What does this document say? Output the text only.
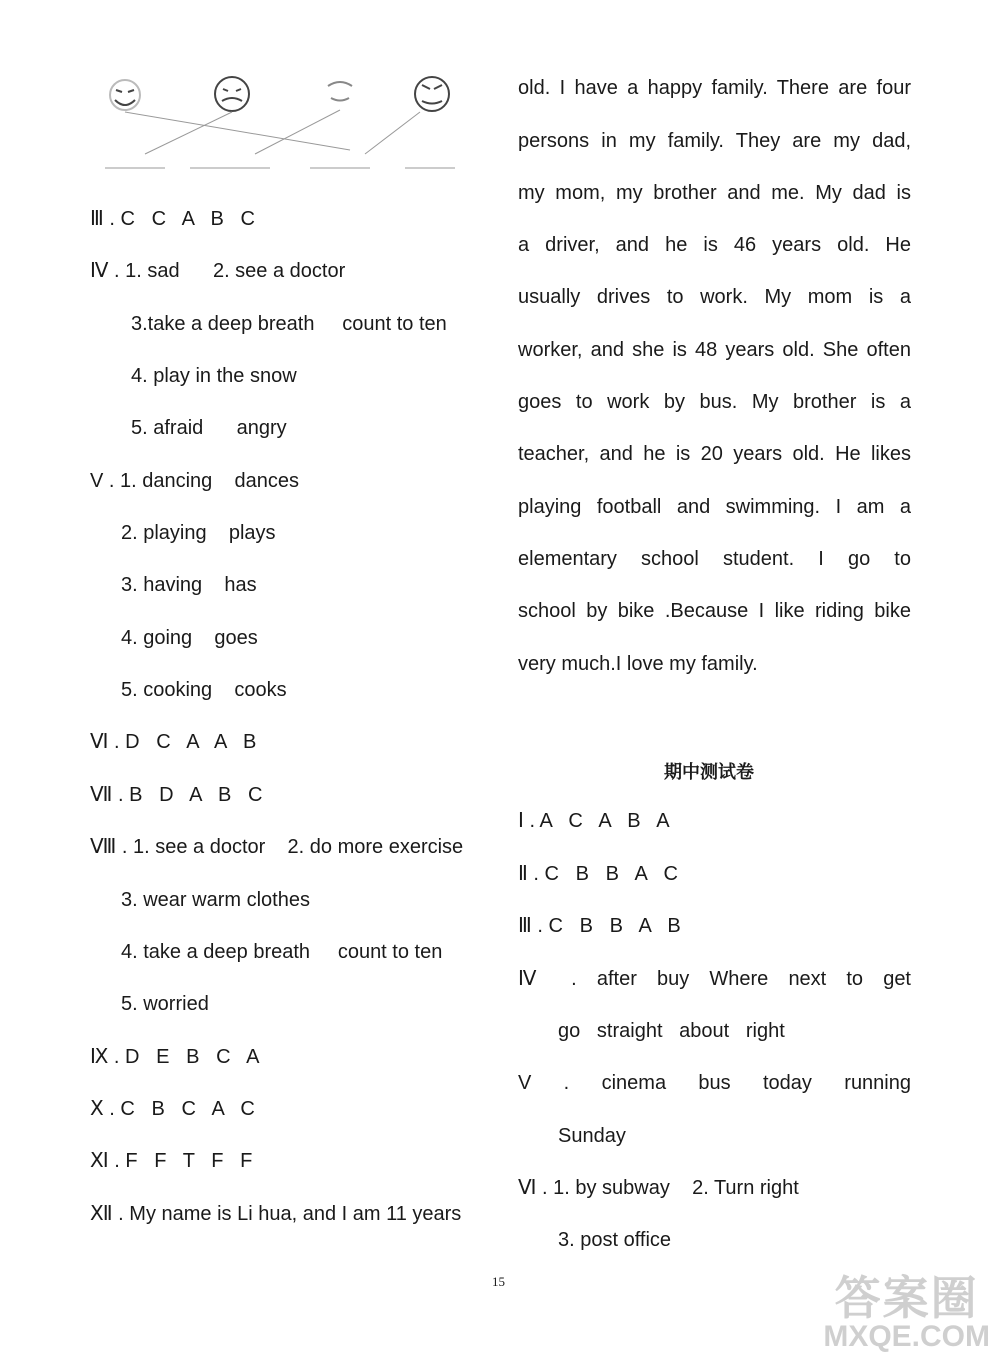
Ⅲ . C   C   A   B   C
Ⅳ . 1. sad      2. see a doctor
3.take a deep breath     count to ten
4. play in the snow
5. afraid      angry
V . 1. dancing    dances
2. playing    plays
3. having    has
4. going    goes
5. cooking    cooks
Ⅵ . D   C   A   A   B
Ⅶ . B   D   A   B   C
Ⅷ . 1. see a doctor    2. do more exercise
3. wear warm clothes
4. take a deep breath     count to ten
5. worried
Ⅸ . D   E   B   C   A
Ⅹ . C   B   C   A   C
Ⅺ . F   F   T   F   F
Ⅻ . My name is Li hua, and I am 11 years
old. I have a happy family. There are four
persons in my family. They are my dad,
my mom, my brother and me. My dad is
a driver, and he is 46 years old. He
usually drives to work. My mom is a
worker, and she is 48 years old. She often
goes to work by bus. My brother is a
teacher, and he is 20 years old. He likes
playing football and swimming. I am a
elementary school student. I go to
school by bike .Because I like riding bike
very much.I love my family.
期中测试卷
Ⅰ . A   C   A   B   A
Ⅱ . C   B   B   A   C
Ⅲ . C   B   B   A   B
Ⅳ . after buy Where next to get
go   straight   about   right
V . cinema bus today running
Sunday
Ⅵ . 1. by subway    2. Turn right
3. post office
15	答案圈
MXQE.COM
